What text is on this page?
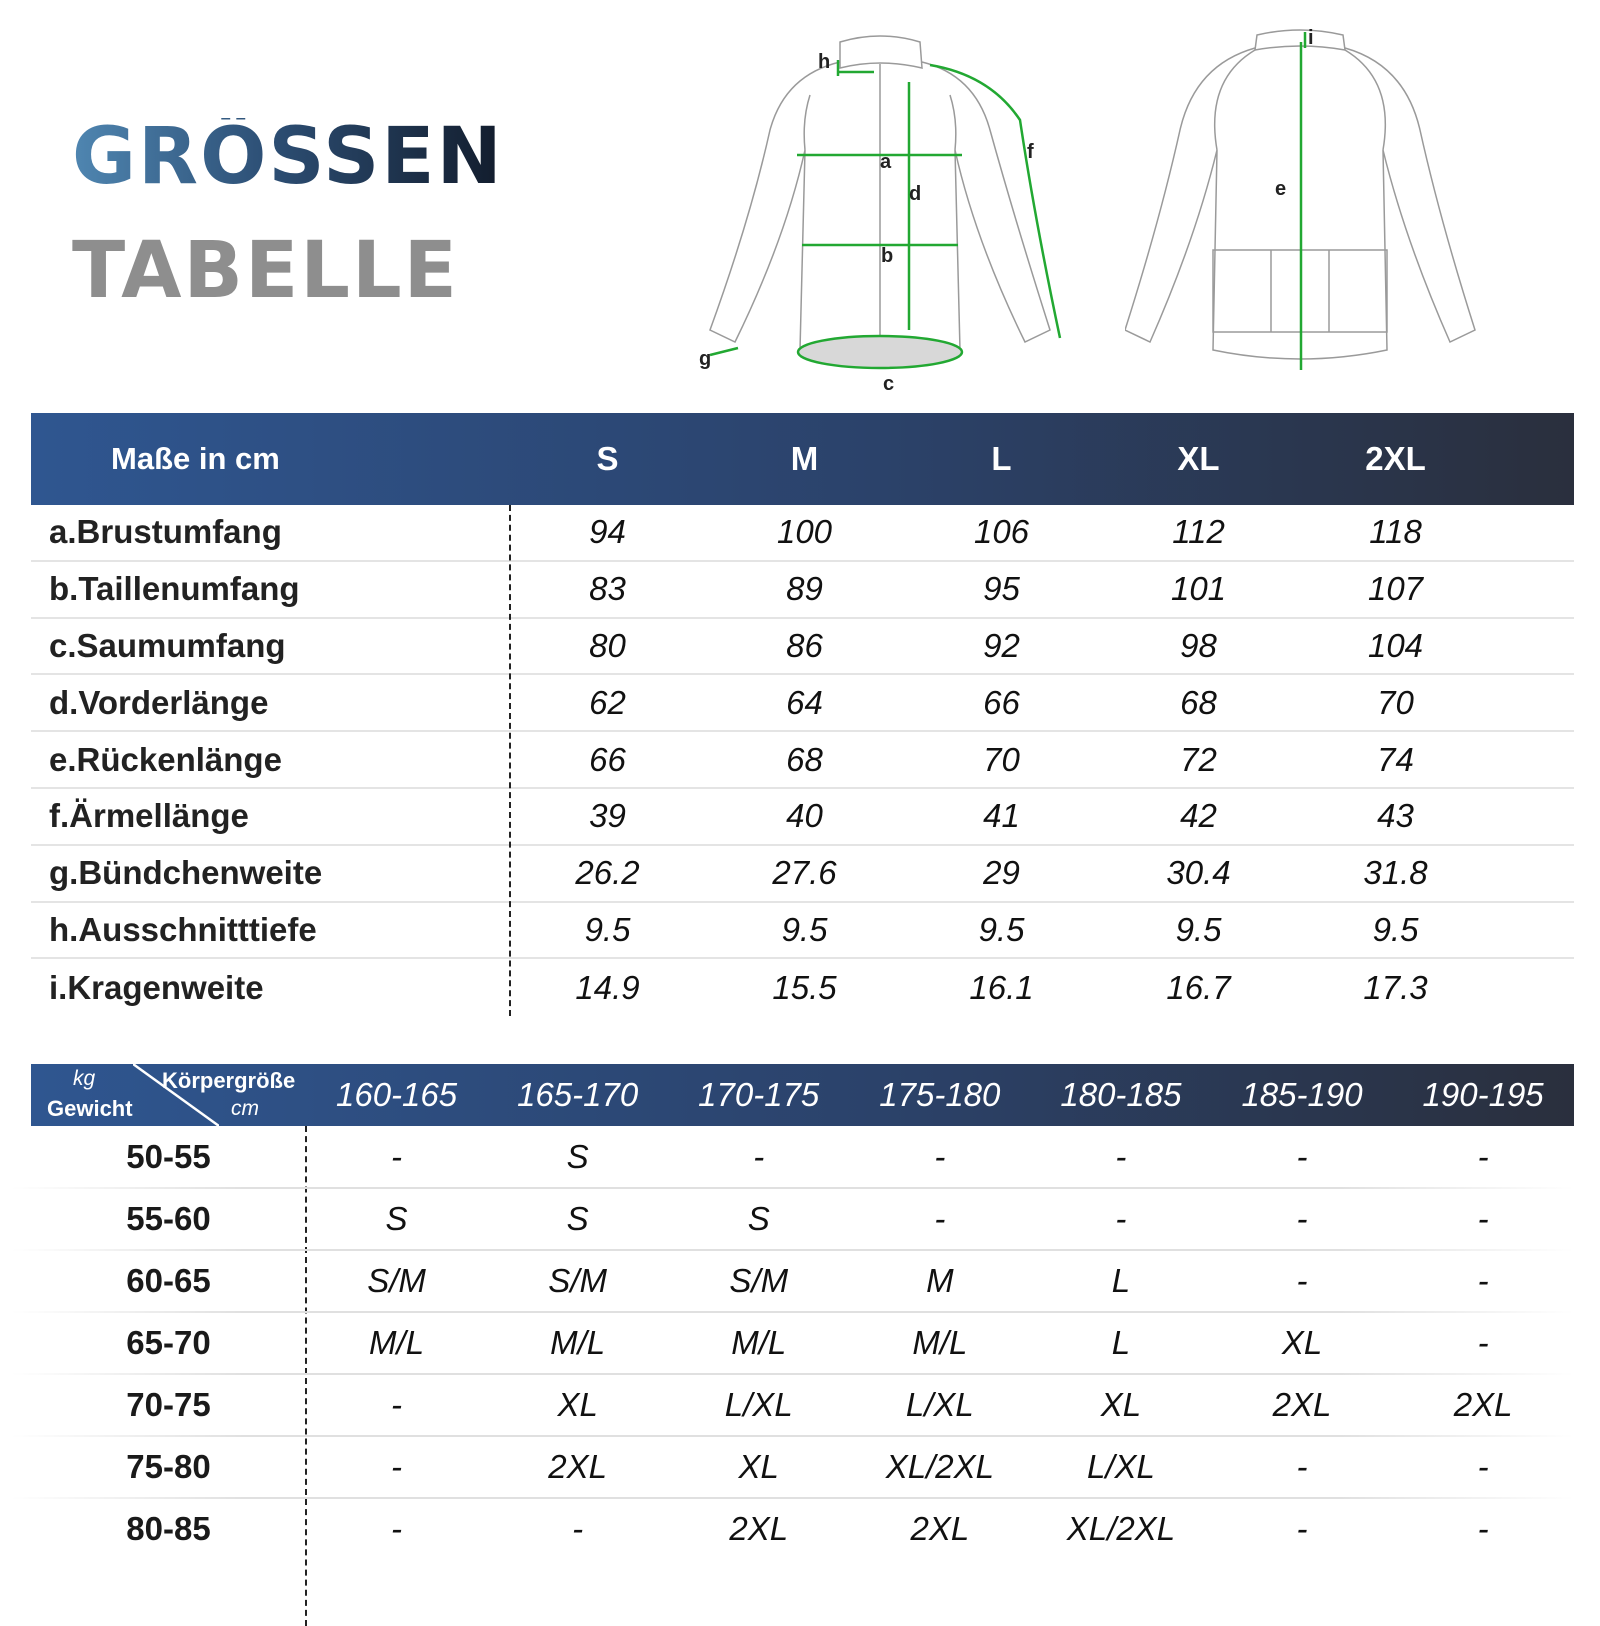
GRÖSSEN
TABELLE
a
d
b
c
f
g
h
e
i
Maße in cm	S	M	L	XL	2XL
a.Brustumfang	94	100	106	112	118
b.Taillenumfang	83	89	95	101	107
c.Saumumfang	80	86	92	98	104
d.Vorderlänge	62	64	66	68	70
e.Rückenlänge	66	68	70	72	74
f.Ärmellänge	39	40	41	42	43
g.Bündchenweite	26.2	27.6	29	30.4	31.8
h.Ausschnitttiefe	9.5	9.5	9.5	9.5	9.5
i.Kragenweite	14.9	15.5	16.1	16.7	17.3
kg
Gewicht
Körpergröße
cm	160-165	165-170	170-175	175-180	180-185	185-190	190-195
50-55	-	S	-	-	-	-	-
55-60	S	S	S	-	-	-	-
60-65	S/M	S/M	S/M	M	L	-	-
65-70	M/L	M/L	M/L	M/L	L	XL	-
70-75	-	XL	L/XL	L/XL	XL	2XL	2XL
75-80	-	2XL	XL	XL/2XL	L/XL	-	-
80-85	-	-	2XL	2XL	XL/2XL	-	-
